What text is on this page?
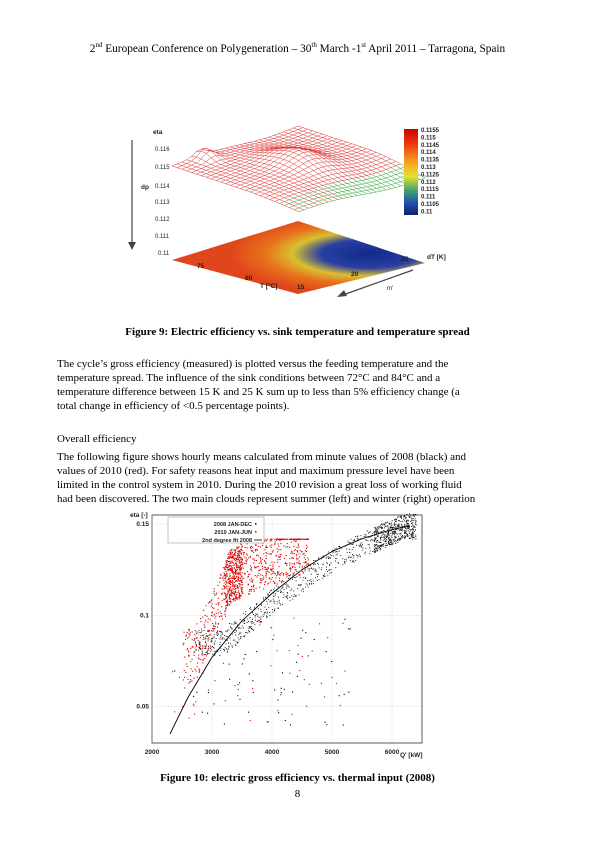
2nd European Conference on Polygeneration – 30th March -1st April 2011 – Tarragona, Spain
eta
dp
0.116
0.115
0.114
0.113
0.112
0.111
0.11
75
80
T [°C]	15
20
25	dT [K]
m'
0.1155
0.115
0.1145
0.114
0.1135
0.113
0.1125
0.112
0.1115
0.111
0.1105
0.11
Figure 9: Electric efficiency vs. sink temperature and temperature spread
The cycle’s gross efficiency (measured) is plotted versus the feeding temperature and the
temperature spread. The influence of the sink conditions between 72°C and 84°C and a
temperature difference between 15 K and 25 K sum up to less than 5% efficiency change (a
total change in efficiency of <0.5 percentage points).
Overall efficiency
The following figure shows hourly means calculated from minute values of 2008 (black) and
values of 2010 (red). For safety reasons heat input and maximum pressure level have been
limited in the control system in 2010. During the 2010 revision a great loss of working fluid
had been discovered. The two main clouds represent summer (left) and winter (right) operation
eta [-]
Q' [kW]
2000	3000	4000	5000	6000
0.15
0.1
0.05
2008 JAN-DEC
2010 JAN-JUN
2nd degree fit 2008
Figure 10: electric gross efficiency vs. thermal input (2008)
8
